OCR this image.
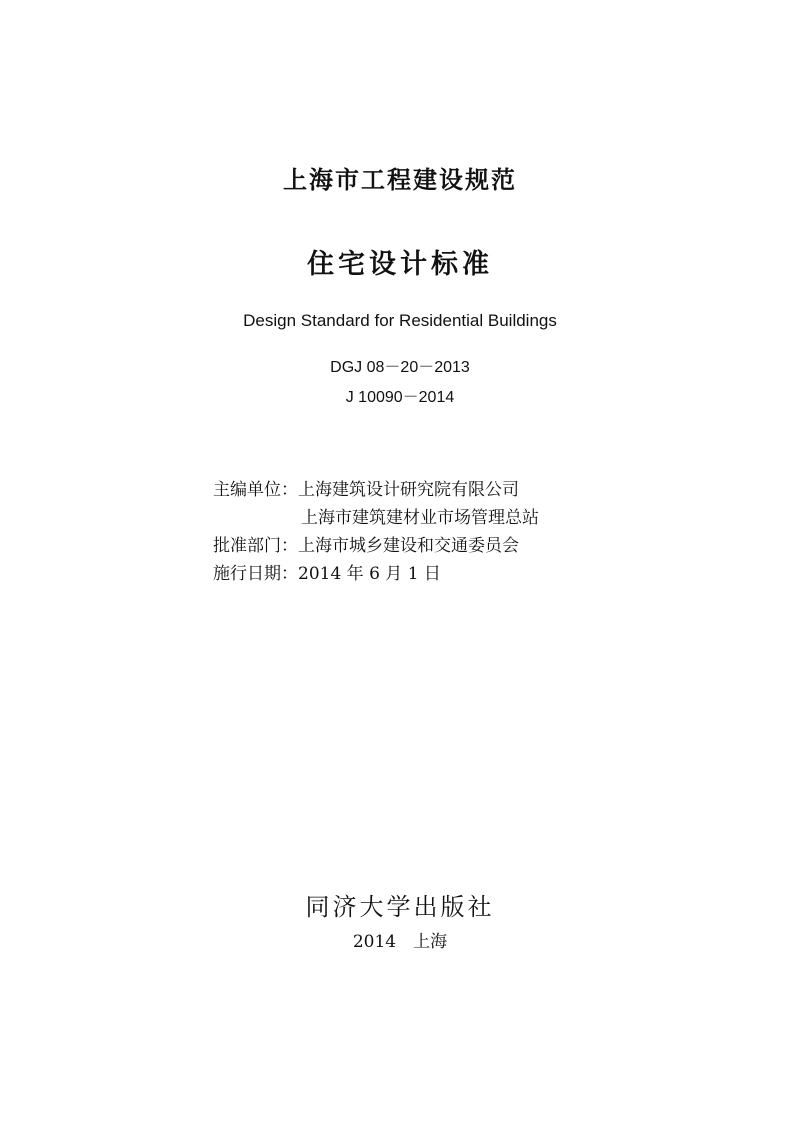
上海市工程建设规范
住宅设计标准
Design Standard for Residential Buildings
DGJ 08－20－2013
J 10090－2014
主编单位：上海建筑设计研究院有限公司
上海市建筑建材业市场管理总站
批准部门：上海市城乡建设和交通委员会
施行日期：2014 年 6 月 1 日
同济大学出版社
2014　上海
